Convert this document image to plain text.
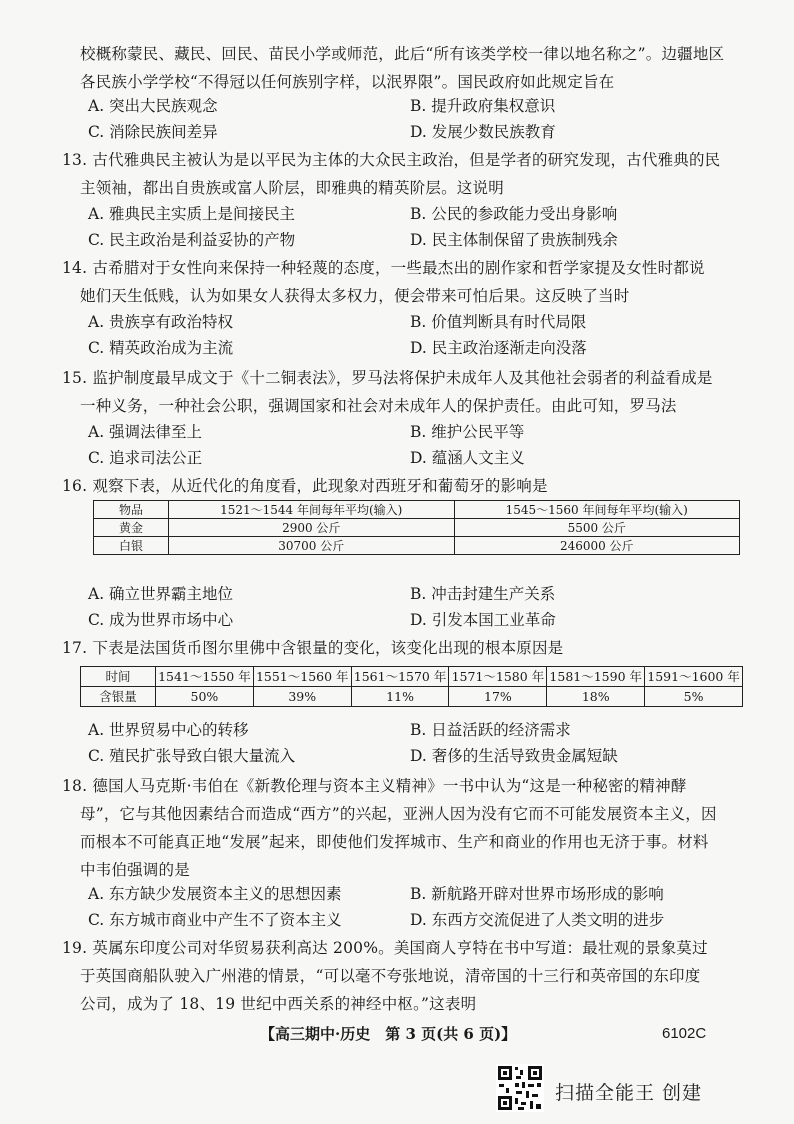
校概称蒙民、藏民、回民、苗民小学或师范，此后“所有该类学校一律以地名称之”。边疆地区
各民族小学学校“不得冠以任何族别字样，以泯界限”。国民政府如此规定旨在
A. 突出大民族观念	B. 提升政府集权意识
C. 消除民族间差异	D. 发展少数民族教育
13. 古代雅典民主被认为是以平民为主体的大众民主政治，但是学者的研究发现，古代雅典的民
主领袖，都出自贵族或富人阶层，即雅典的精英阶层。这说明
A. 雅典民主实质上是间接民主	B. 公民的参政能力受出身影响
C. 民主政治是利益妥协的产物	D. 民主体制保留了贵族制残余
14. 古希腊对于女性向来保持一种轻蔑的态度，一些最杰出的剧作家和哲学家提及女性时都说
她们天生低贱，认为如果女人获得太多权力，便会带来可怕后果。这反映了当时
A. 贵族享有政治特权	B. 价值判断具有时代局限
C. 精英政治成为主流	D. 民主政治逐渐走向没落
15. 监护制度最早成文于《十二铜表法》，罗马法将保护未成年人及其他社会弱者的利益看成是
一种义务，一种社会公职，强调国家和社会对未成年人的保护责任。由此可知，罗马法
A. 强调法律至上	B. 维护公民平等
C. 追求司法公正	D. 蕴涵人文主义
16. 观察下表，从近代化的角度看，此现象对西班牙和葡萄牙的影响是
物品	1521～1544 年间每年平均(输入)	1545～1560 年间每年平均(输入)
黄金	2900 公斤	5500 公斤
白银	30700 公斤	246000 公斤
A. 确立世界霸主地位	B. 冲击封建生产关系
C. 成为世界市场中心	D. 引发本国工业革命
17. 下表是法国货币图尔里佛中含银量的变化，该变化出现的根本原因是
时间	1541～1550 年	1551～1560 年	1561～1570 年	1571～1580 年	1581～1590 年	1591～1600 年
含银量	50%	39%	11%	17%	18%	5%
A. 世界贸易中心的转移	B. 日益活跃的经济需求
C. 殖民扩张导致白银大量流入	D. 奢侈的生活导致贵金属短缺
18. 德国人马克斯·韦伯在《新教伦理与资本主义精神》一书中认为“这是一种秘密的精神酵
母”，它与其他因素结合而造成“西方”的兴起，亚洲人因为没有它而不可能发展资本主义，因
而根本不可能真正地“发展”起来，即使他们发挥城市、生产和商业的作用也无济于事。材料
中韦伯强调的是
A. 东方缺少发展资本主义的思想因素	B. 新航路开辟对世界市场形成的影响
C. 东方城市商业中产生不了资本主义	D. 东西方交流促进了人类文明的进步
19. 英属东印度公司对华贸易获利高达 200%。美国商人亨特在书中写道：最壮观的景象莫过
于英国商船队驶入广州港的情景，“可以毫不夸张地说，清帝国的十三行和英帝国的东印度
公司，成为了 18、19 世纪中西关系的神经中枢。”这表明
【高三期中·历史　第 3 页(共 6 页)】	6102C
扫描全能王 创建
